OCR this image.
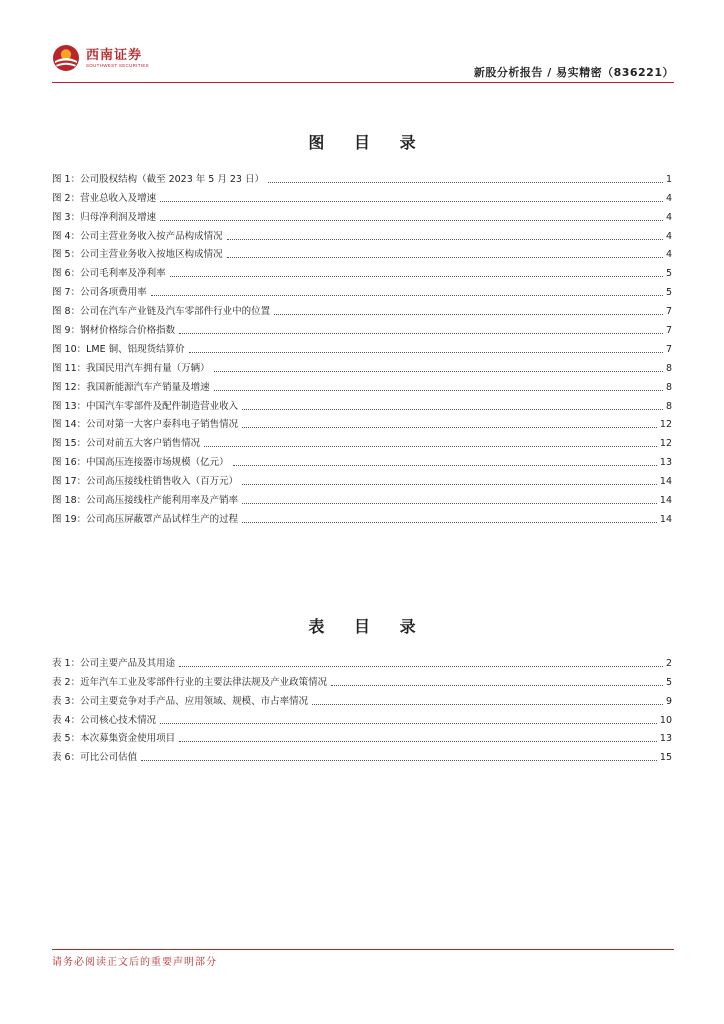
西南证券
SOUTHWEST SECURITIES
新股分析报告 / 易实精密（836221）
图 目 录
图 1：公司股权结构（截至 2023 年 5 月 23 日）	1
图 2：营业总收入及增速	4
图 3：归母净利润及增速	4
图 4：公司主营业务收入按产品构成情况	4
图 5：公司主营业务收入按地区构成情况	4
图 6：公司毛利率及净利率	5
图 7：公司各项费用率	5
图 8：公司在汽车产业链及汽车零部件行业中的位置	7
图 9：钢材价格综合价格指数	7
图 10：LME 铜、铝现货结算价	7
图 11：我国民用汽车拥有量（万辆）	8
图 12：我国新能源汽车产销量及增速	8
图 13：中国汽车零部件及配件制造营业收入	8
图 14：公司对第一大客户泰科电子销售情况	12
图 15：公司对前五大客户销售情况	12
图 16：中国高压连接器市场规模（亿元）	13
图 17：公司高压接线柱销售收入（百万元）	14
图 18：公司高压接线柱产能利用率及产销率	14
图 19：公司高压屏蔽罩产品试样生产的过程	14
表 目 录
表 1：公司主要产品及其用途	2
表 2：近年汽车工业及零部件行业的主要法律法规及产业政策情况	5
表 3：公司主要竞争对手产品、应用领域、规模、市占率情况	9
表 4：公司核心技术情况	10
表 5：本次募集资金使用项目	13
表 6：可比公司估值	15
请务必阅读正文后的重要声明部分
